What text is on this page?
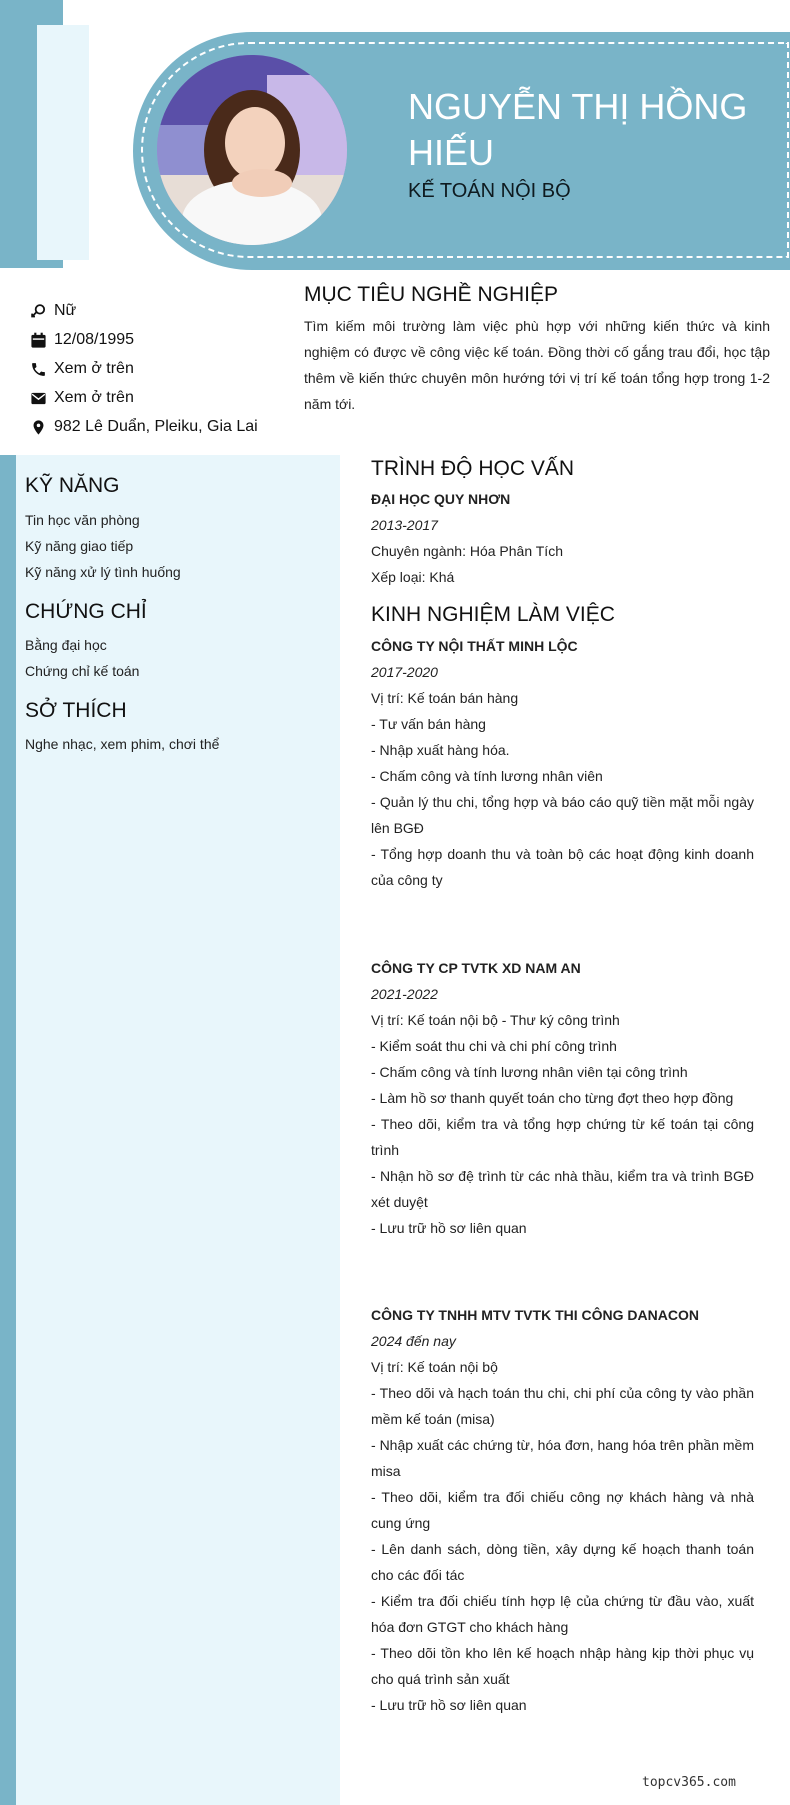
NGUYỄN THỊ HỒNG HIẾU
KẾ TOÁN NỘI BỘ
Nữ
12/08/1995
Xem ở trên
Xem ở trên
982 Lê Duẩn, Pleiku, Gia Lai
MỤC TIÊU NGHỀ NGHIỆP
Tìm kiếm môi trường làm việc phù hợp với những kiến thức và kinh nghiệm có được về công việc kế toán. Đồng thời cố gắng trau đổi, học tập thêm về kiến thức chuyên môn hướng tới vị trí kế toán tổng hợp trong 1-2 năm tới.
KỸ NĂNG
Tin học văn phòng
Kỹ năng giao tiếp
Kỹ năng xử lý tình huống
CHỨNG CHỈ
Bằng đại học
Chứng chỉ kế toán
SỞ THÍCH
Nghe nhạc, xem phim, chơi thể
TRÌNH ĐỘ HỌC VẤN
ĐẠI HỌC QUY NHƠN
2013-2017
Chuyên ngành: Hóa Phân Tích
Xếp loại: Khá
KINH NGHIỆM LÀM VIỆC
CÔNG TY NỘI THẤT MINH LỘC
2017-2020
Vị trí: Kế toán bán hàng
- Tư vấn bán hàng
- Nhập xuất hàng hóa.
- Chấm công và tính lương nhân viên
- Quản lý thu chi, tổng hợp và báo cáo quỹ tiền mặt mỗi ngày lên BGĐ
- Tổng hợp doanh thu và toàn bộ các hoạt động kinh doanh của công ty
CÔNG TY CP TVTK XD NAM AN
2021-2022
Vị trí: Kế toán nội bộ - Thư ký công trình
- Kiểm soát thu chi và chi phí công trình
- Chấm công và tính lương nhân viên tại công trình
- Làm hồ sơ thanh quyết toán cho từng đợt theo hợp đồng
- Theo dõi, kiểm tra và tổng hợp chứng từ kế toán tại công trình
- Nhận hồ sơ đệ trình từ các nhà thầu, kiểm tra và trình BGĐ xét duyệt
- Lưu trữ hồ sơ liên quan
CÔNG TY TNHH MTV TVTK THI CÔNG DANACON
2024 đến nay
Vị trí: Kế toán nội bộ
- Theo dõi và hạch toán thu chi, chi phí của công ty vào phần mềm kế toán (misa)
- Nhập xuất các chứng từ, hóa đơn, hang hóa trên phần mềm misa
- Theo dõi, kiểm tra đối chiếu công nợ khách hàng và nhà cung ứng
- Lên danh sách, dòng tiền, xây dựng kế hoạch thanh toán cho các đối tác
- Kiểm tra đối chiếu tính hợp lệ của chứng từ đầu vào, xuất hóa đơn GTGT cho khách hàng
- Theo dõi tồn kho lên kế hoạch nhập hàng kịp thời phục vụ cho quá trình sản xuất
- Lưu trữ hồ sơ liên quan
topcv365.com
